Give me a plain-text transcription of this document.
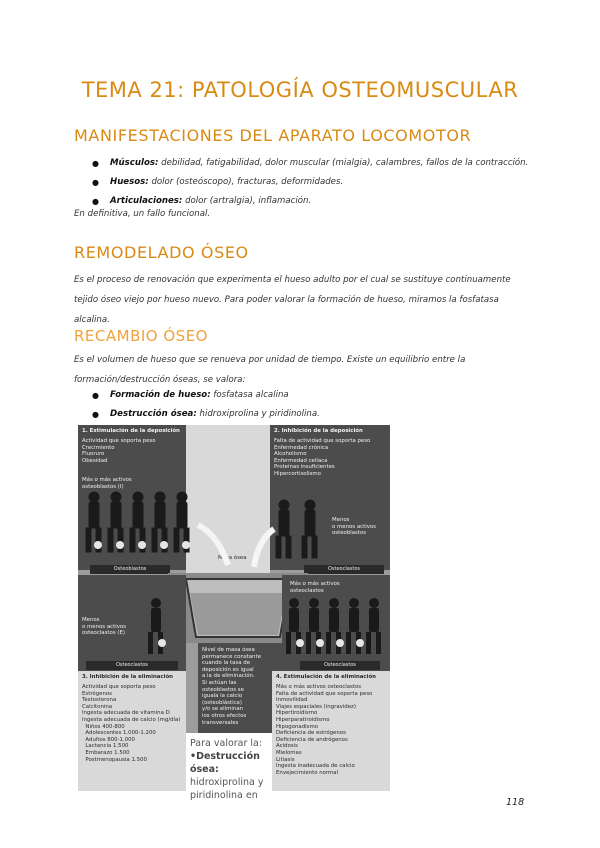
TEMA 21: PATOLOGÍA OSTEOMUSCULAR
MANIFESTACIONES DEL APARATO LOCOMOTOR
● Músculos: debilidad, fatigabilidad, dolor muscular (mialgia), calambres, fallos de la contracción.
● Huesos: dolor (osteóscopo), fracturas, deformidades.
● Articulaciones: dolor (artralgia), inflamación.
En definitiva, un fallo funcional.
REMODELADO ÓSEO
Es el proceso de renovación que experimenta el hueso adulto por el cual se sustituye continuamente tejido óseo viejo por hueso nuevo. Para poder valorar la formación de hueso, miramos la fosfatasa alcalina.
RECAMBIO ÓSEO
Es el volumen de hueso que se renueva por unidad de tiempo. Existe un equilibrio entre la formación/destrucción óseas, se valora:
● Formación de hueso: fosfatasa alcalina
● Destrucción ósea: hidroxiprolina y piridinolina.
1. Estimulación de la deposición
Actividad que soporta peso
Crecimiento
Fluoruro
Obesidad
Más o más activos
osteoblastos (I)
Osteoblastos
2. Inhibición de la deposición
Falta de actividad que soporta peso
Enfermedad crónica
Alcoholismo
Enfermedad celíaca
Proteínas insuficientes
Hipercortisolismo
Menos
o menos activos
osteoblastos
Osteoclastos
Masa ósea
Menos
o menos activos
osteoclastos (E)
Osteoclastos
3. Inhibición de la eliminación
Actividad que soporta peso
Estrógenos
Testosterona
Calcitonina
Ingesta adecuada de vitamina D
Ingesta adecuada de calcio (mg/día)
Niños 400-800
Adolescentes 1.000-1.200
Adultos 800-1.000
Lactancia 1.500
Embarazo 1.500
Postmenopausia 1.500
Nivel de masa ósea
permanece constante
cuando la tasa de
deposición es igual
a la de eliminación.
Si actúan las
osteoblastos se
iguala la calcio
(osteoblástica)
y/o se eliminan
los otros efectos
transversales
Más o más activos
osteoclastos
Osteoclastos
4. Estimulación de la eliminación
Más o más activos osteoclastos
Falta de actividad que soporta peso
Inmovilidad
Viajes espaciales (ingravidez)
Hipertiroidismo
Hiperparatiroidismo
Hipogonadismo
Deficiencia de estrógenos
Deficiencia de andrógenos
Acidosis
Mielomas
Litiasis
Ingesta inadecuada de calcio
Envejecimiento normal
Para valorar la:
•Destrucción ósea:
hidroxiprolina y piridinolina en
118
